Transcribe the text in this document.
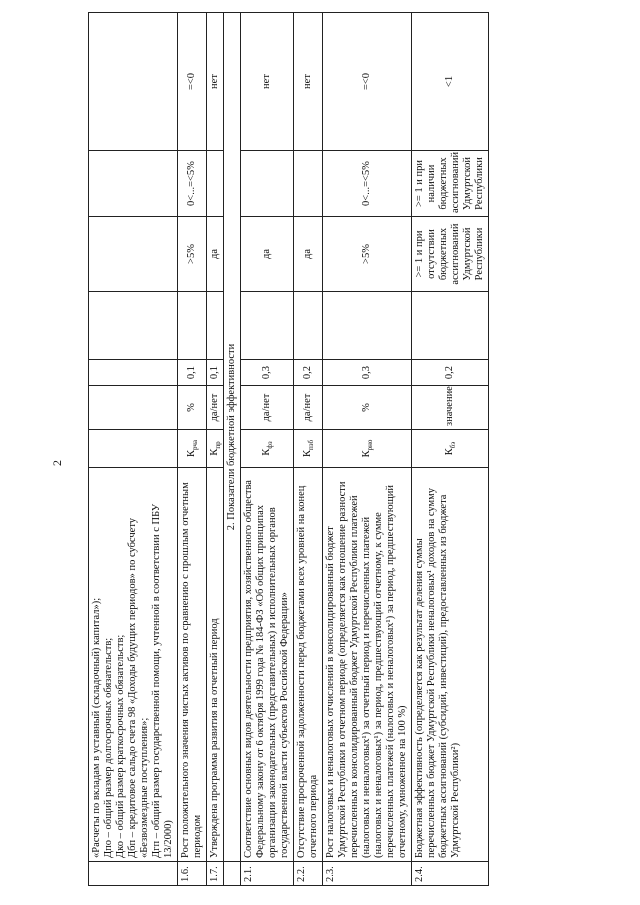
2

	«Расчеты по вкладам в уставный (складочный) капитал»); Дпо – общий размер долгосрочных обязательств; Дко – общий размер краткосрочных обязательств; Дбп – кредитовое сальдо счета 98 «Доходы будущих периодов» по субсчету «Безвозмездные поступления»; Дгп – общий размер государственной помощи, учтенной в соответствии с ПБУ 13/2000)							

1.6.	Рост положительного значения чистых активов по сравнению с прошлым отчетным периодом	$К_{рча}$	%	0,1		>5%	0<...=<5%	=<0
1.7.	Утверждена программа развития на отчетный период	$К_{пр}$	да/нет	0,1		да		нет
	2. Показатели бюджетной эффективности							
2.1.	Соответствие основных видов деятельности предприятия, хозяйственного общества Федеральному закону от 6 октября 1999 года № 184-ФЗ «Об общих принципах организации законодательных (представительных) и исполнительных органов государственной власти субъектов Российской Федерации»	$К_{фз}$	да/нет	0,3		да		нет
2.2.	Отсутствие просроченной задолженности перед бюджетами всех уровней на конец отчетного периода	$К_{пзб}$	да/нет	0,2		да		нет
2.3.	Рост налоговых и неналоговых отчислений в консолидированный бюджет Удмуртской Республики в отчетном периоде (определяется как отношение разности перечисленных в консолидированный бюджет Удмуртской Республики платежей (налоговых и неналоговых¹) за отчетный период и перечисленных платежей (налоговых и неналоговых¹) за период, предшествующий отчетному, к сумме перечисленных платежей (налоговых и неналоговых¹) за период, предшествующий отчетному, умноженное на 100 %)	$К_{рно}$	%	0,3		>5%	0<...=<5%	=<0
2.4.	Бюджетная эффективность (определяется как результат деления суммы перечисленных в бюджет Удмуртской Республики неналоговых¹ доходов на сумму бюджетных ассигнований (субсидий, инвестиций), предоставленных из бюджета Удмуртской Республики²)	$К_{бэ}$	значение	0,2		>= 1 и при отсутствии бюджетных ассигнований Удмуртской Республики	>= 1 и при наличии бюджетных ассигнований Удмуртской Республики	<1
